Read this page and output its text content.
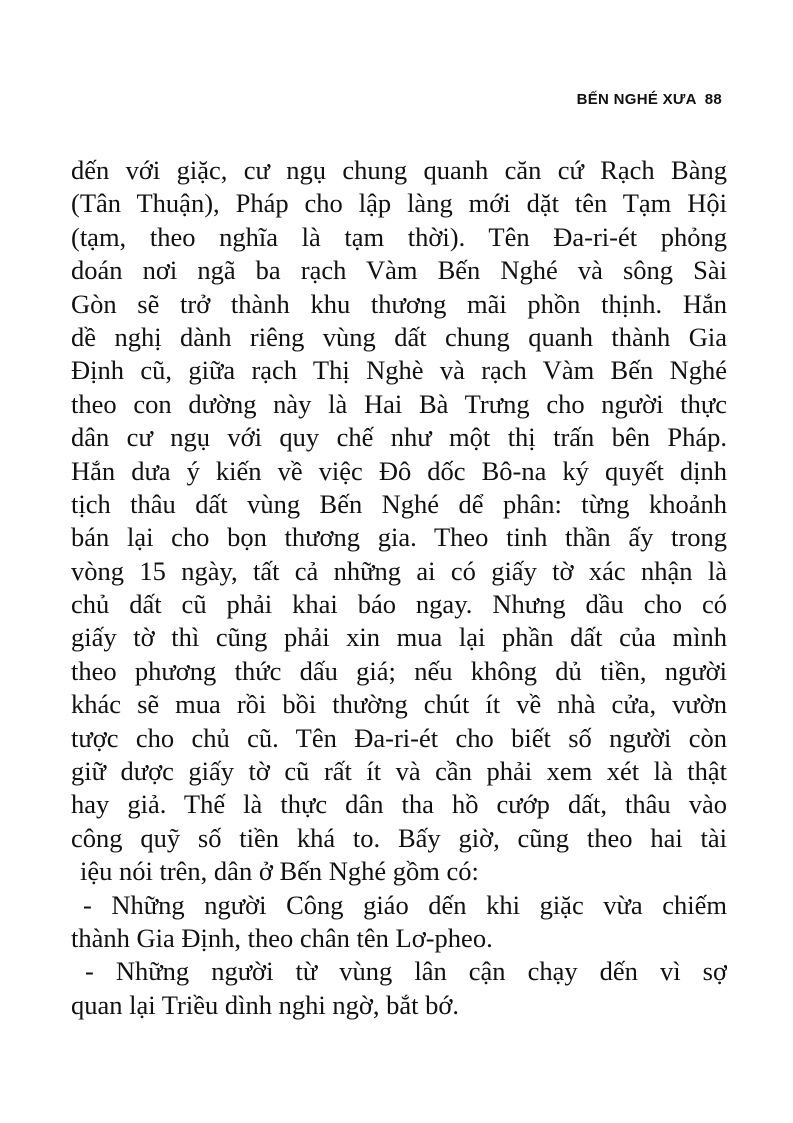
BẾN NGHÉ XƯA 88
dến với giặc, cư ngụ chung quanh căn cứ Rạch Bàng
(Tân Thuận), Pháp cho lập làng mới dặt tên Tạm Hội
(tạm, theo nghĩa là tạm thời). Tên Đa-ri-ét phỏng
doán nơi ngã ba rạch Vàm Bến Nghé và sông Sài
Gòn sẽ trở thành khu thương mãi phồn thịnh. Hắn
dề nghị dành riêng vùng dất chung quanh thành Gia
Định cũ, giữa rạch Thị Nghè và rạch Vàm Bến Nghé
theo con dường này là Hai Bà Trưng cho người thực
dân cư ngụ với quy chế như một thị trấn bên Pháp.
Hắn dưa ý kiến về việc Đô dốc Bô-na ký quyết dịnh
tịch thâu dất vùng Bến Nghé dể phân: từng khoảnh
bán lại cho bọn thương gia. Theo tinh thần ấy trong
vòng 15 ngày, tất cả những ai có giấy tờ xác nhận là
chủ dất cũ phải khai báo ngay. Nhưng dầu cho có
giấy tờ thì cũng phải xin mua lại phần dất của mình
theo phương thức dấu giá; nếu không dủ tiền, người
khác sẽ mua rồi bồi thường chút ít về nhà cửa, vườn
tược cho chủ cũ. Tên Đa-ri-ét cho biết số người còn
giữ dược giấy tờ cũ rất ít và cần phải xem xét là thật
hay giả. Thế là thực dân tha hồ cướp dất, thâu vào
công quỹ số tiền khá to. Bấy giờ, cũng theo hai tài
iệu nói trên, dân ở Bến Nghé gồm có:
- Những người Công giáo dến khi giặc vừa chiếm
thành Gia Định, theo chân tên Lơ-pheo.
- Những người từ vùng lân cận chạy dến vì sợ
quan lại Triều dình nghi ngờ, bắt bớ.
